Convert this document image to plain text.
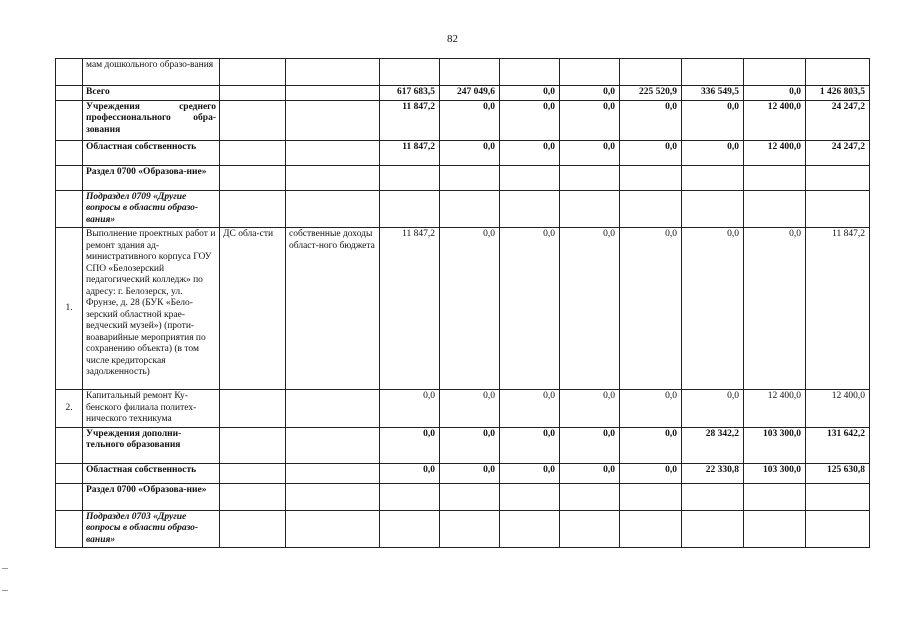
82
	мам дошкольного образо-вания										
	Всего			617 683,5	247 049,6	0,0	0,0	225 520,9	336 549,5	0,0	1 426 803,5
	Учреждения среднего профессионального обра-зования			11 847,2	0,0	0,0	0,0	0,0	0,0	12 400,0	24 247,2
	Областная собственность			11 847,2	0,0	0,0	0,0	0,0	0,0	12 400,0	24 247,2
	Раздел 0700 «Образова-ние»										
	Подраздел 0709 «Другие вопросы в области образо-вания»										
1.	Выполнение проектных работ и ремонт здания ад-министративного корпуса ГОУ СПО «Белозерский педагогический колледж» по адресу: г. Белозерск, ул. Фрунзе, д. 28 (БУК «Бело-зерский областной крае-ведческий музей») (проти-воаварийные мероприятия по сохранению объекта) (в том числе кредиторская задолженность)	ДС обла-сти	собственные доходы област-ного бюджета	11 847,2	0,0	0,0	0,0	0,0	0,0	0,0	11 847,2
2.	Капитальный ремонт Ку-бенского филиала политех-нического техникума			0,0	0,0	0,0	0,0	0,0	0,0	12 400,0	12 400,0
	Учреждения дополни-тельного образования			0,0	0,0	0,0	0,0	0,0	28 342,2	103 300,0	131 642,2
	Областная собственность			0,0	0,0	0,0	0,0	0,0	22 330,8	103 300,0	125 630,8
	Раздел 0700 «Образова-ние»										
	Подраздел 0703 «Другие вопросы в области образо-вания»										
